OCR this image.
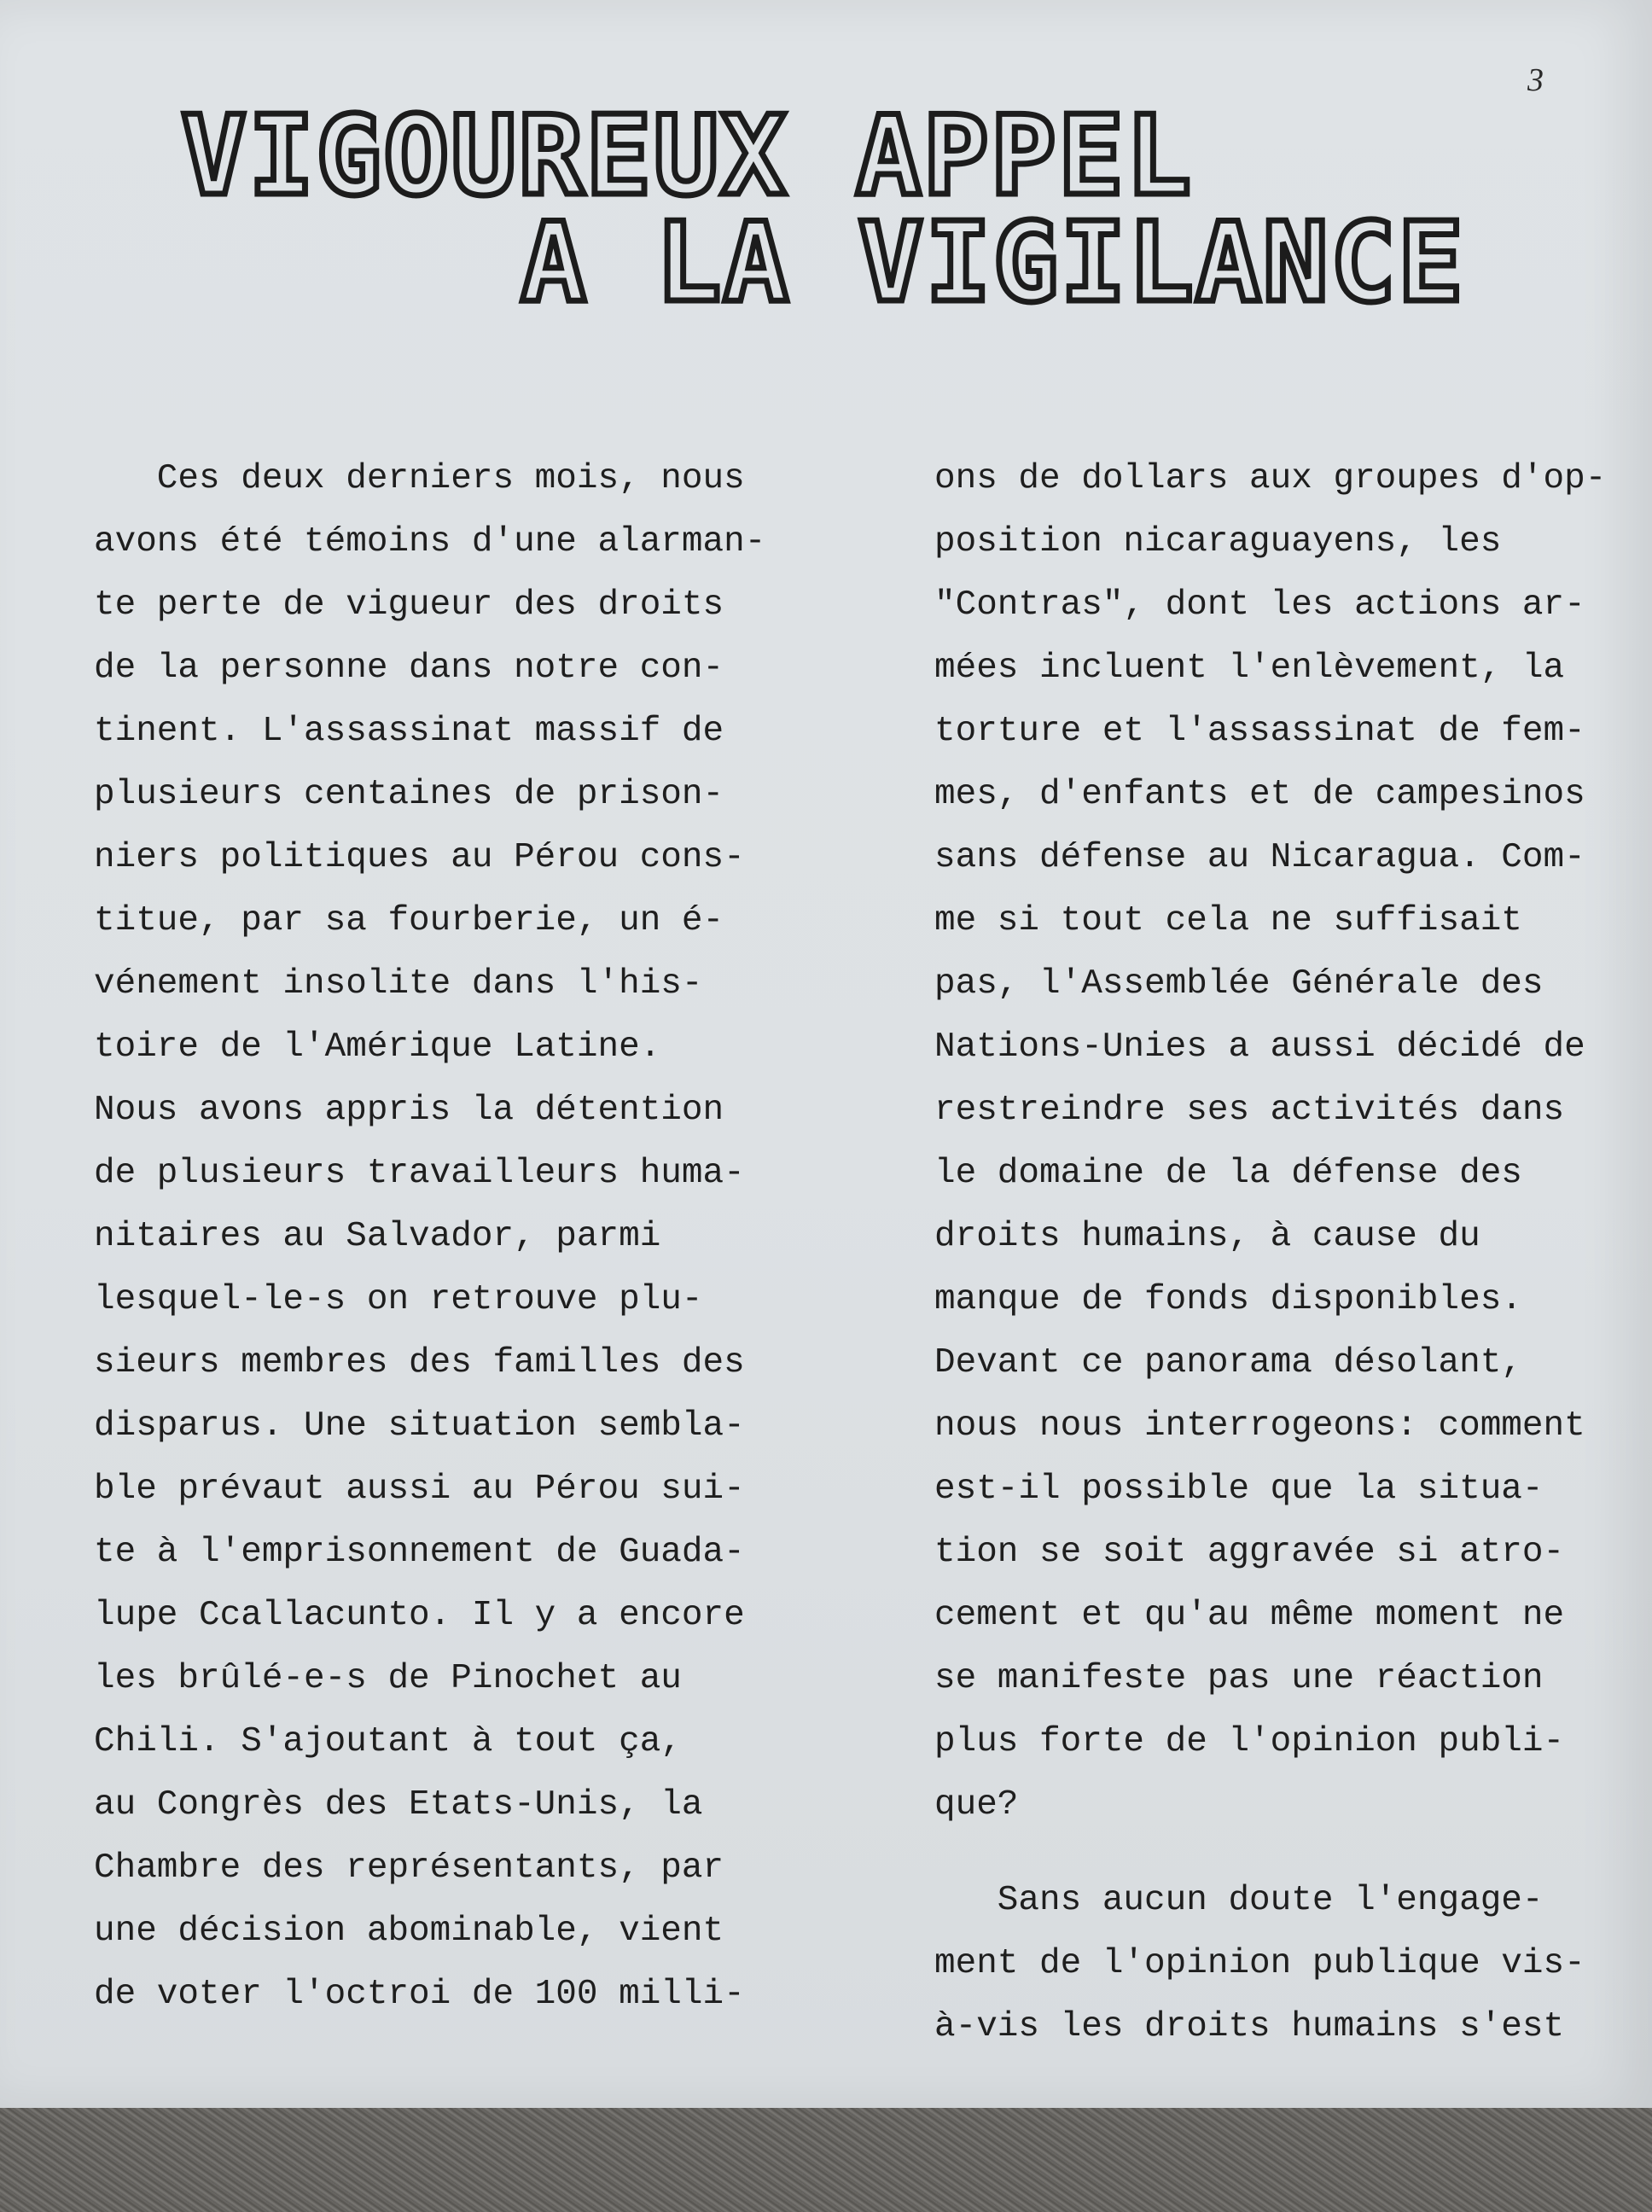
3
VIGOUREUX APPEL
A LA VIGILANCE
Ces deux derniers mois, nous
avons été témoins d'une alarman-
te perte de vigueur des droits
de la personne dans notre con-
tinent. L'assassinat massif de
plusieurs centaines de prison-
niers politiques au Pérou cons-
titue, par sa fourberie, un é-
vénement insolite dans l'his-
toire de l'Amérique Latine.
Nous avons appris la détention
de plusieurs travailleurs huma-
nitaires au Salvador, parmi
lesquel-le-s on retrouve plu-
sieurs membres des familles des
disparus. Une situation sembla-
ble prévaut aussi au Pérou sui-
te à l'emprisonnement de Guada-
lupe Ccallacunto. Il y a encore
les brûlé-e-s de Pinochet au
Chili. S'ajoutant à tout ça,
au Congrès des Etats-Unis, la
Chambre des représentants, par
une décision abominable, vient
de voter l'octroi de 100 milli-
ons de dollars aux groupes d'op-
position nicaraguayens, les
"Contras", dont les actions ar-
mées incluent l'enlèvement, la
torture et l'assassinat de fem-
mes, d'enfants et de campesinos
sans défense au Nicaragua. Com-
me si tout cela ne suffisait
pas, l'Assemblée Générale des
Nations-Unies a aussi décidé de
restreindre ses activités dans
le domaine de la défense des
droits humains, à cause du
manque de fonds disponibles.
Devant ce panorama désolant,
nous nous interrogeons: comment
est-il possible que la situa-
tion se soit aggravée si atro-
cement et qu'au même moment ne
se manifeste pas une réaction
plus forte de l'opinion publi-
que?
Sans aucun doute l'engage-
ment de l'opinion publique vis-
à-vis les droits humains s'est
